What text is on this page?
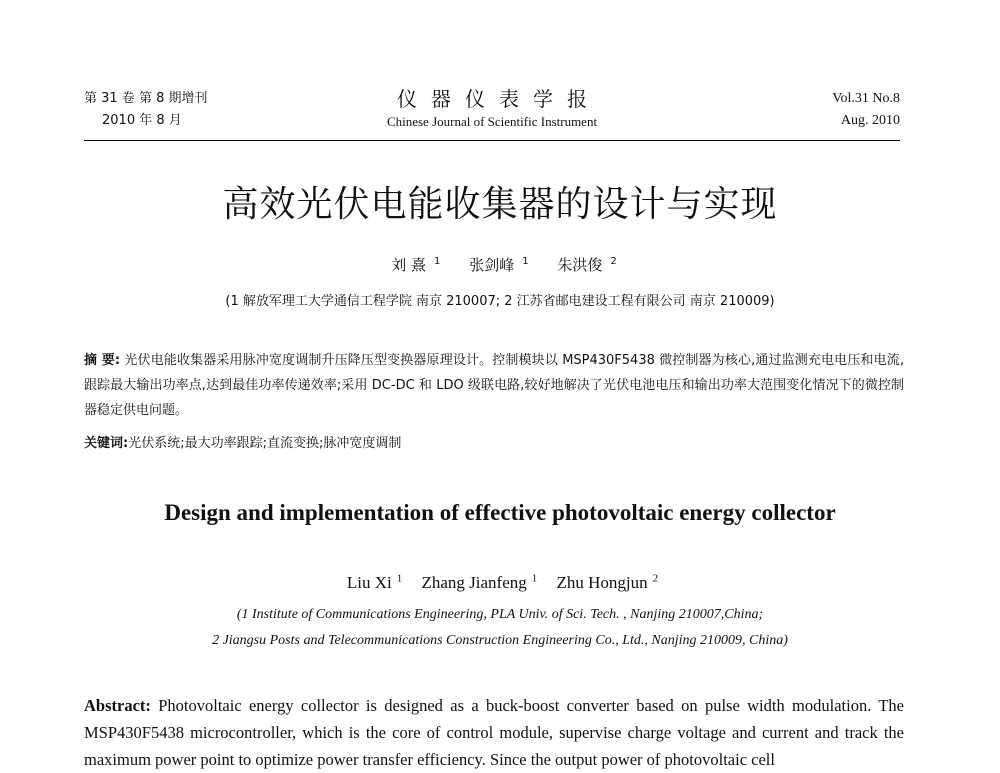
第 31 卷 第 8 期增刊
2010 年 8 月
仪器仪表学报
Chinese Journal of Scientific Instrument
Vol.31 No.8
Aug. 2010
高效光伏电能收集器的设计与实现
刘 熹 $^1$ 张剑峰 $^1$ 朱洪俊 $^2$
(1 解放军理工大学通信工程学院 南京 210007; 2 江苏省邮电建设工程有限公司 南京 210009)
摘 要: 光伏电能收集器采用脉冲宽度调制升压降压型变换器原理设计。控制模块以 MSP430F5438 微控制器为核心,通过监测充电电压和电流,跟踪最大输出功率点,达到最佳功率传递效率;采用 DC-DC 和 LDO 级联电路,较好地解决了光伏电池电压和输出功率大范围变化情况下的微控制器稳定供电问题。
关键词:光伏系统;最大功率跟踪;直流变换;脉冲宽度调制
Design and implementation of effective photovoltaic energy collector
Liu Xi $^1$ Zhang Jianfeng $^1$ Zhu Hongjun $^2$
(1 Institute of Communications Engineering, PLA Univ. of Sci. Tech. , Nanjing 210007,China;
2 Jiangsu Posts and Telecommunications Construction Engineering Co., Ltd., Nanjing 210009, China)
Abstract: Photovoltaic energy collector is designed as a buck-boost converter based on pulse width modulation. The MSP430F5438 microcontroller, which is the core of control module, supervise charge voltage and current and track the maximum power point to optimize power transfer efficiency. Since the output power of photovoltaic cell
